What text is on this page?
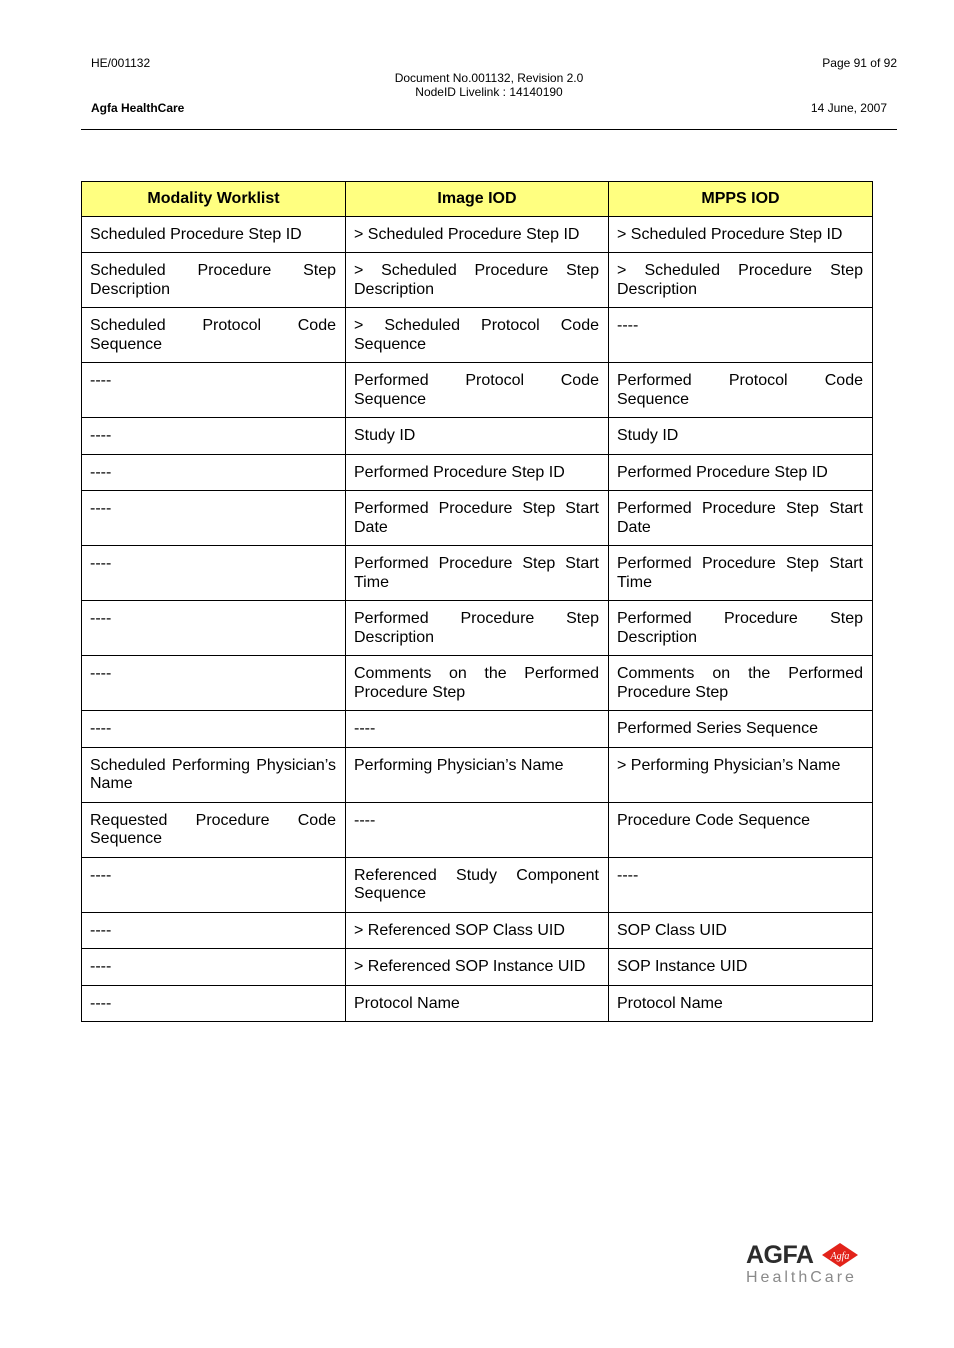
HE/001132	Page 91 of 92
Document No.001132, Revision 2.0
NodeID Livelink : 14140190
Agfa HealthCare	14 June, 2007
Modality Worklist	Image IOD	MPPS IOD
Scheduled Procedure Step ID	> Scheduled Procedure Step ID	> Scheduled Procedure Step ID
Scheduled Procedure Step Description	> Scheduled Procedure Step Description	> Scheduled Procedure Step Description
Scheduled Protocol Code Sequence	> Scheduled Protocol Code Sequence	----
----	Performed Protocol Code Sequence	Performed Protocol Code Sequence
----	Study ID	Study ID
----	Performed Procedure Step ID	Performed Procedure Step ID
----	Performed Procedure Step Start Date	Performed Procedure Step Start Date
----	Performed Procedure Step Start Time	Performed Procedure Step Start Time
----	Performed Procedure Step Description	Performed Procedure Step Description
----	Comments on the Performed Procedure Step	Comments on the Performed Procedure Step
----	----	Performed Series Sequence
Scheduled Performing Physician’s Name	Performing Physician’s Name	> Performing Physician’s Name
Requested Procedure Code Sequence	----	Procedure Code Sequence
----	Referenced Study Component Sequence	----
----	> Referenced SOP Class UID	SOP Class UID
----	> Referenced SOP Instance UID	SOP Instance UID
----	Protocol Name	Protocol Name
AGFA Agfa
HealthCare
